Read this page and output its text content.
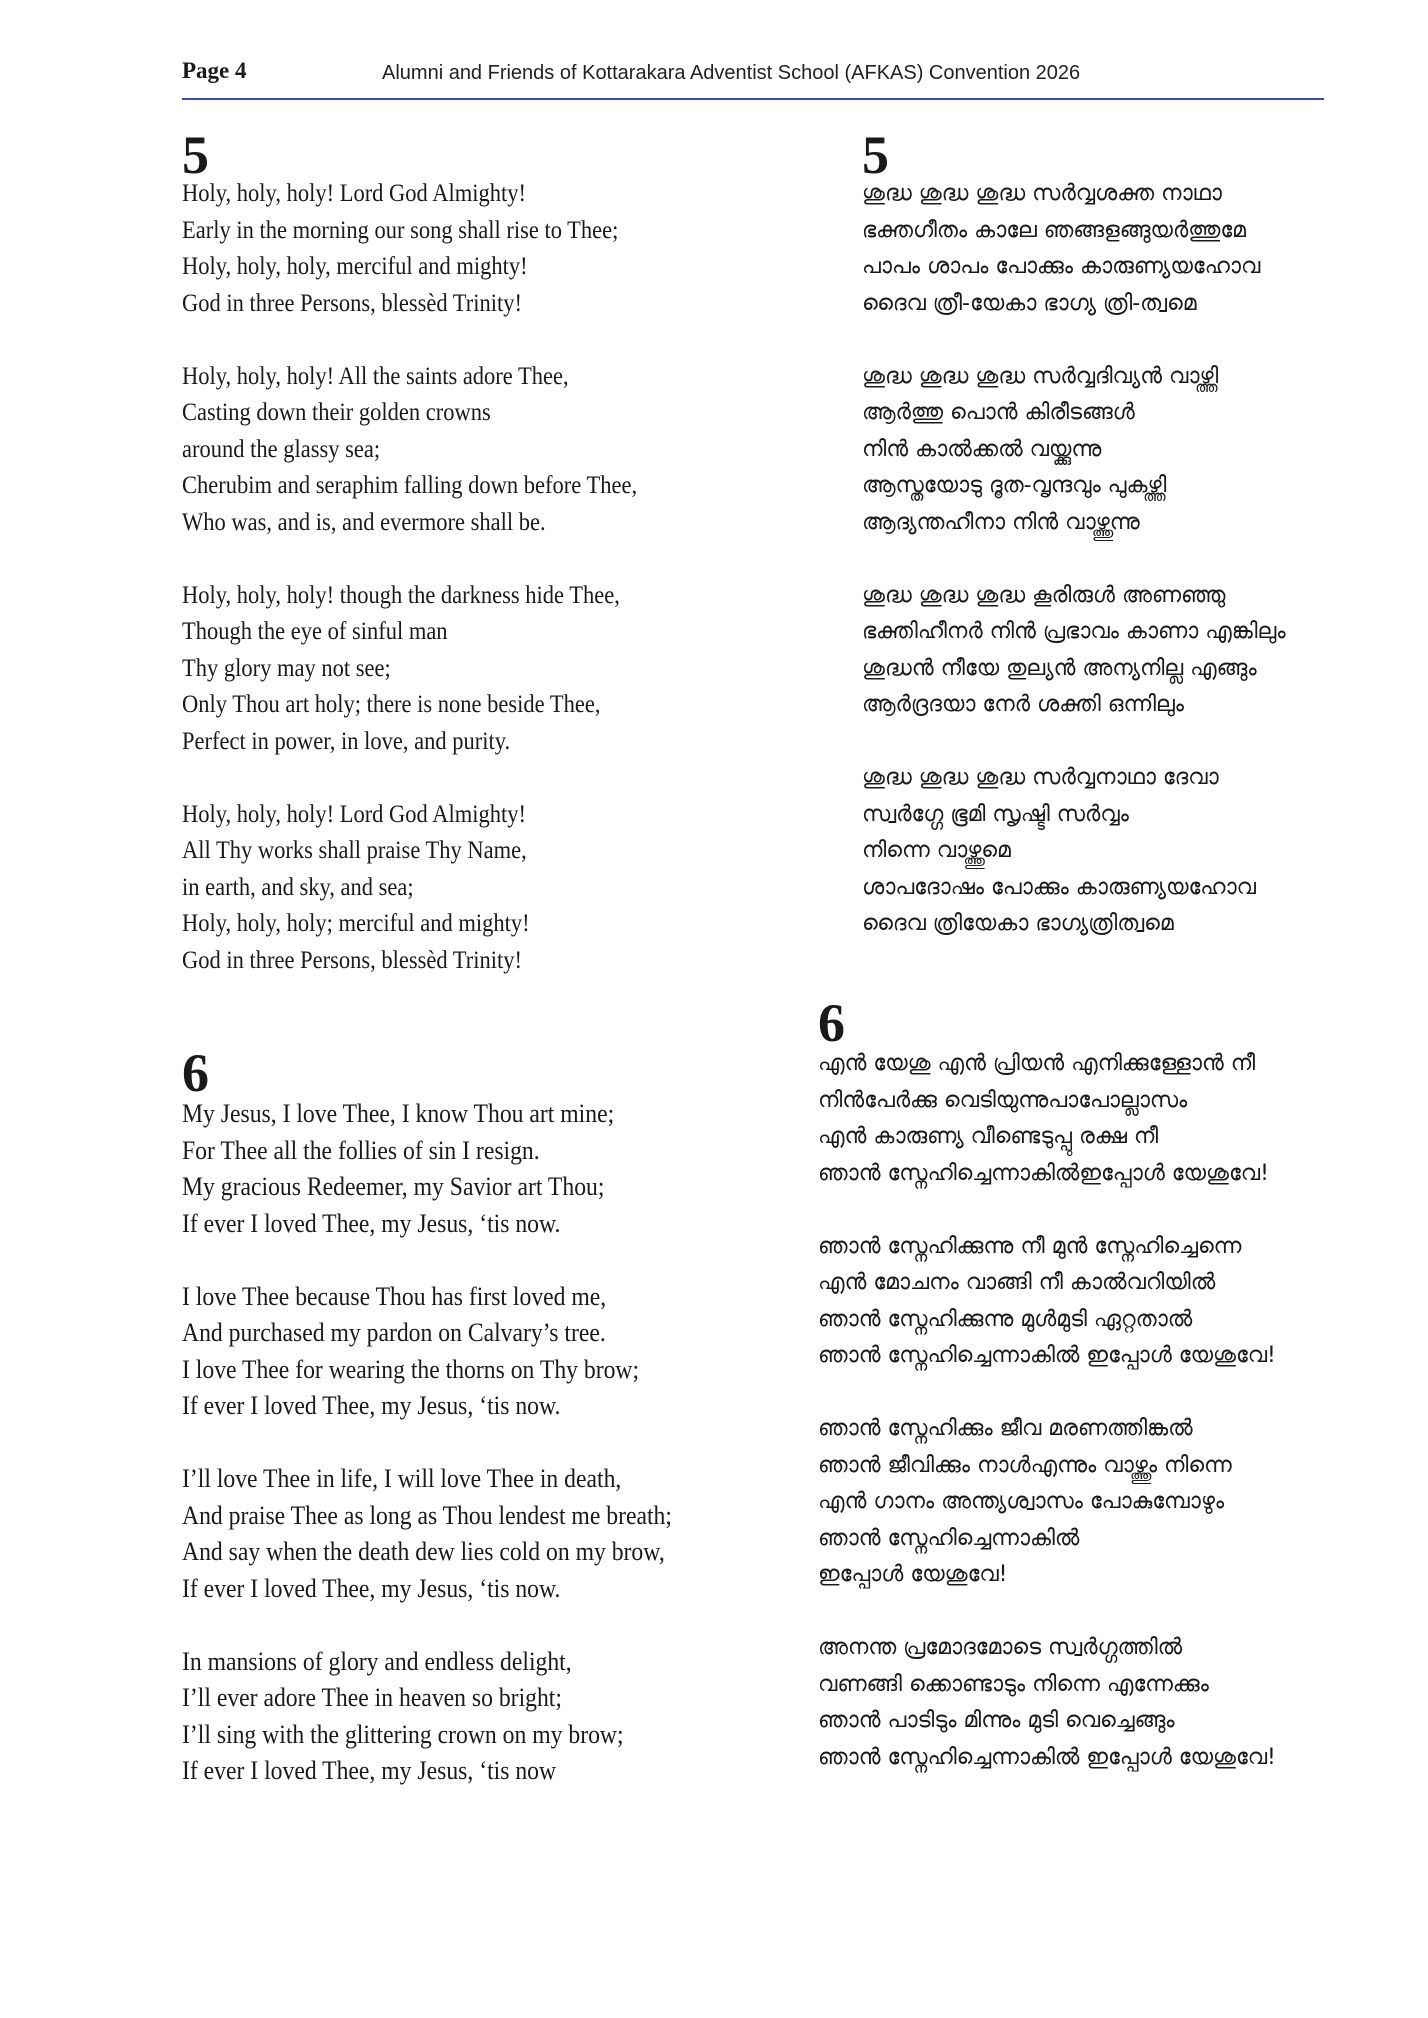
Page 4	Alumni and Friends of Kottarakara Adventist School (AFKAS) Convention 2026
5
Holy, holy, holy! Lord God Almighty!
Early in the morning our song shall rise to Thee;
Holy, holy, holy, merciful and mighty!
God in three Persons, blessèd Trinity!
Holy, holy, holy! All the saints adore Thee,
Casting down their golden crowns
around the glassy sea;
Cherubim and seraphim falling down before Thee,
Who was, and is, and evermore shall be.
Holy, holy, holy! though the darkness hide Thee,
Though the eye of sinful man
Thy glory may not see;
Only Thou art holy; there is none beside Thee,
Perfect in power, in love, and purity.
Holy, holy, holy! Lord God Almighty!
All Thy works shall praise Thy Name,
in earth, and sky, and sea;
Holy, holy, holy; merciful and mighty!
God in three Persons, blessèd Trinity!
6
My Jesus, I love Thee, I know Thou art mine;
For Thee all the follies of sin I resign.
My gracious Redeemer, my Savior art Thou;
If ever I loved Thee, my Jesus, ‘tis now.
I love Thee because Thou has first loved me,
And purchased my pardon on Calvary’s tree.
I love Thee for wearing the thorns on Thy brow;
If ever I loved Thee, my Jesus, ‘tis now.
I’ll love Thee in life, I will love Thee in death,
And praise Thee as long as Thou lendest me breath;
And say when the death dew lies cold on my brow,
If ever I loved Thee, my Jesus, ‘tis now.
In mansions of glory and endless delight,
I’ll ever adore Thee in heaven so bright;
I’ll sing with the glittering crown on my brow;
If ever I loved Thee, my Jesus, ‘tis now
5
ശുദ്ധ ശുദ്ധ ശുദ്ധ സർവ്വശക്ത നാഥാ
ഭക്തഗീതം കാലേ ഞങ്ങളങ്ങുയർത്തുമേ
പാപം ശാപം പോക്കും കാരുണ്യയഹോവ
ദൈവ ത്രീ-യേകാ ഭാഗ്യ ത്രി-ത്വമെ
ശുദ്ധ ശുദ്ധ ശുദ്ധ സർവ്വദിവ്യൻ വാഴ്ത്തി
ആർത്തു പൊൻ കിരീടങ്ങൾ
നിൻ കാൽക്കൽ വയ്ക്കുന്നു
ആസ്തയോടു ദൂത-വൃന്ദവും പുകഴ്ത്തി
ആദ്യന്തഹീനാ നിൻ വാഴ്ത്തുന്നു
ശുദ്ധ ശുദ്ധ ശുദ്ധ കൂരിരുൾ അണഞ്ഞു
ഭക്തിഹീനർ നിൻ പ്രഭാവം കാണാ എങ്കിലും
ശുദ്ധൻ നീയേ തുല്യൻ അന്യനില്ല എങ്ങും
ആർദ്രദയാ നേർ ശക്തി ഒന്നിലും
ശുദ്ധ ശുദ്ധ ശുദ്ധ സർവ്വനാഥാ ദേവാ
സ്വർഗ്ഗേ ഭൂമി സൃഷ്ടി സർവ്വം
നിന്നെ വാഴ്ത്തുമെ
ശാപദോഷം പോക്കും കാരുണ്യയഹോവ
ദൈവ ത്രിയേകാ ഭാഗ്യത്രിത്വമെ
6
എൻ യേശു എൻ പ്രിയൻ എനിക്കുള്ളോൻ നീ
നിൻപേർക്കു വെടിയുന്നുപാപോല്ലാസം
എൻ കാരുണ്യ വീണ്ടെടുപ്പു രക്ഷ നീ
ഞാൻ സ്നേഹിച്ചെന്നാകിൽഇപ്പോൾ യേശുവേ!
ഞാൻ സ്നേഹിക്കുന്നു നീ മുൻ സ്നേഹിച്ചെന്നെ
എൻ മോചനം വാങ്ങി നീ കാൽവറിയിൽ
ഞാൻ സ്നേഹിക്കുന്നു മുൾമുടി ഏറ്റതാൽ
ഞാൻ സ്നേഹിച്ചെന്നാകിൽ ഇപ്പോൾ യേശുവേ!
ഞാൻ സ്നേഹിക്കും ജീവ മരണത്തിങ്കൽ
ഞാൻ ജീവിക്കും നാൾഎന്നും വാഴ്ത്തും നിന്നെ
എൻ ഗാനം അന്ത്യശ്വാസം പോകുമ്പോഴും
ഞാൻ സ്നേഹിച്ചെന്നാകിൽ
ഇപ്പോൾ യേശുവേ!
അനന്ത പ്രമോദമോടെ സ്വർഗ്ഗത്തിൽ
വണങ്ങി ക്കൊണ്ടാടും നിന്നെ എന്നേക്കും
ഞാൻ പാടിടും മിന്നും മുടി വെച്ചെങ്ങും
ഞാൻ സ്നേഹിച്ചെന്നാകിൽ ഇപ്പോൾ യേശുവേ!
